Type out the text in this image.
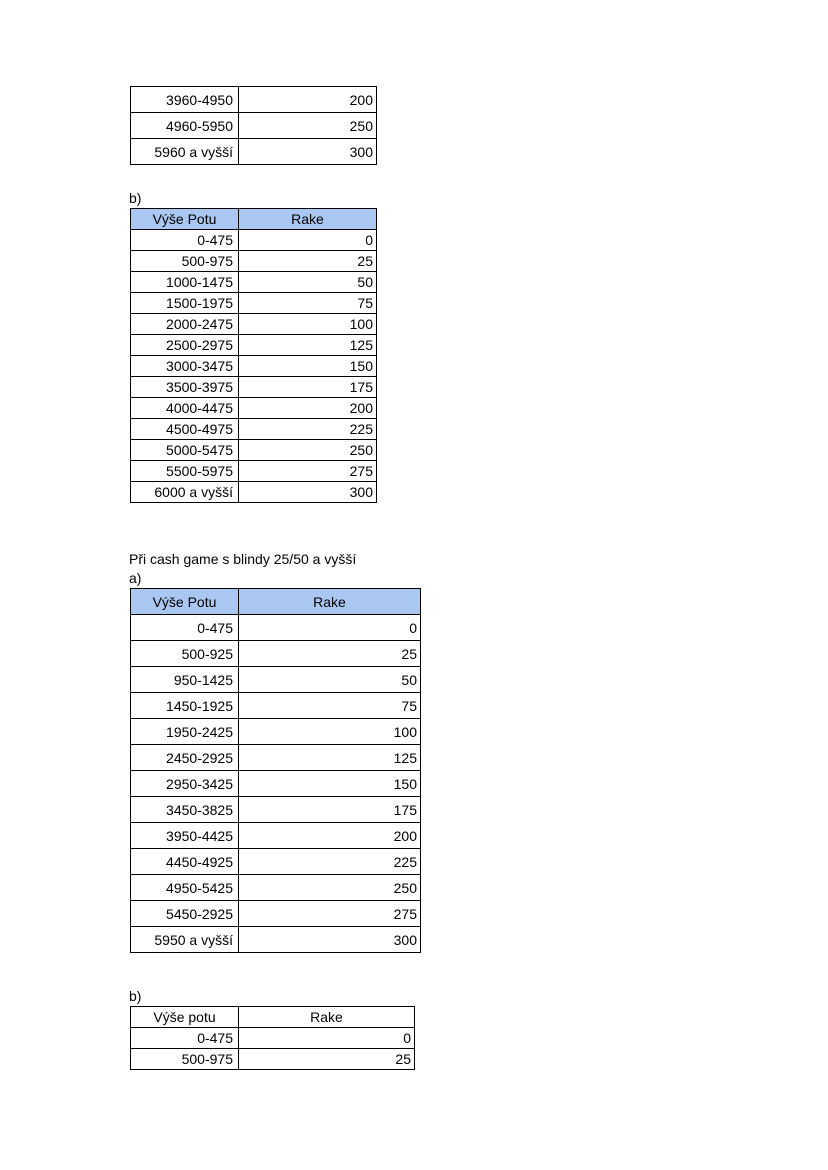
3960-4950	200
4960-5950	250
5960 a vyšší	300
b)
Výše Potu	Rake
0-475	0
500-975	25
1000-1475	50
1500-1975	75
2000-2475	100
2500-2975	125
3000-3475	150
3500-3975	175
4000-4475	200
4500-4975	225
5000-5475	250
5500-5975	275
6000 a vyšší	300
Při cash game s blindy 25/50 a vyšší
a)
Výše Potu	Rake
0-475	0
500-925	25
950-1425	50
1450-1925	75
1950-2425	100
2450-2925	125
2950-3425	150
3450-3825	175
3950-4425	200
4450-4925	225
4950-5425	250
5450-2925	275
5950 a vyšší	300
b)
Výše potu	Rake
0-475	0
500-975	25
